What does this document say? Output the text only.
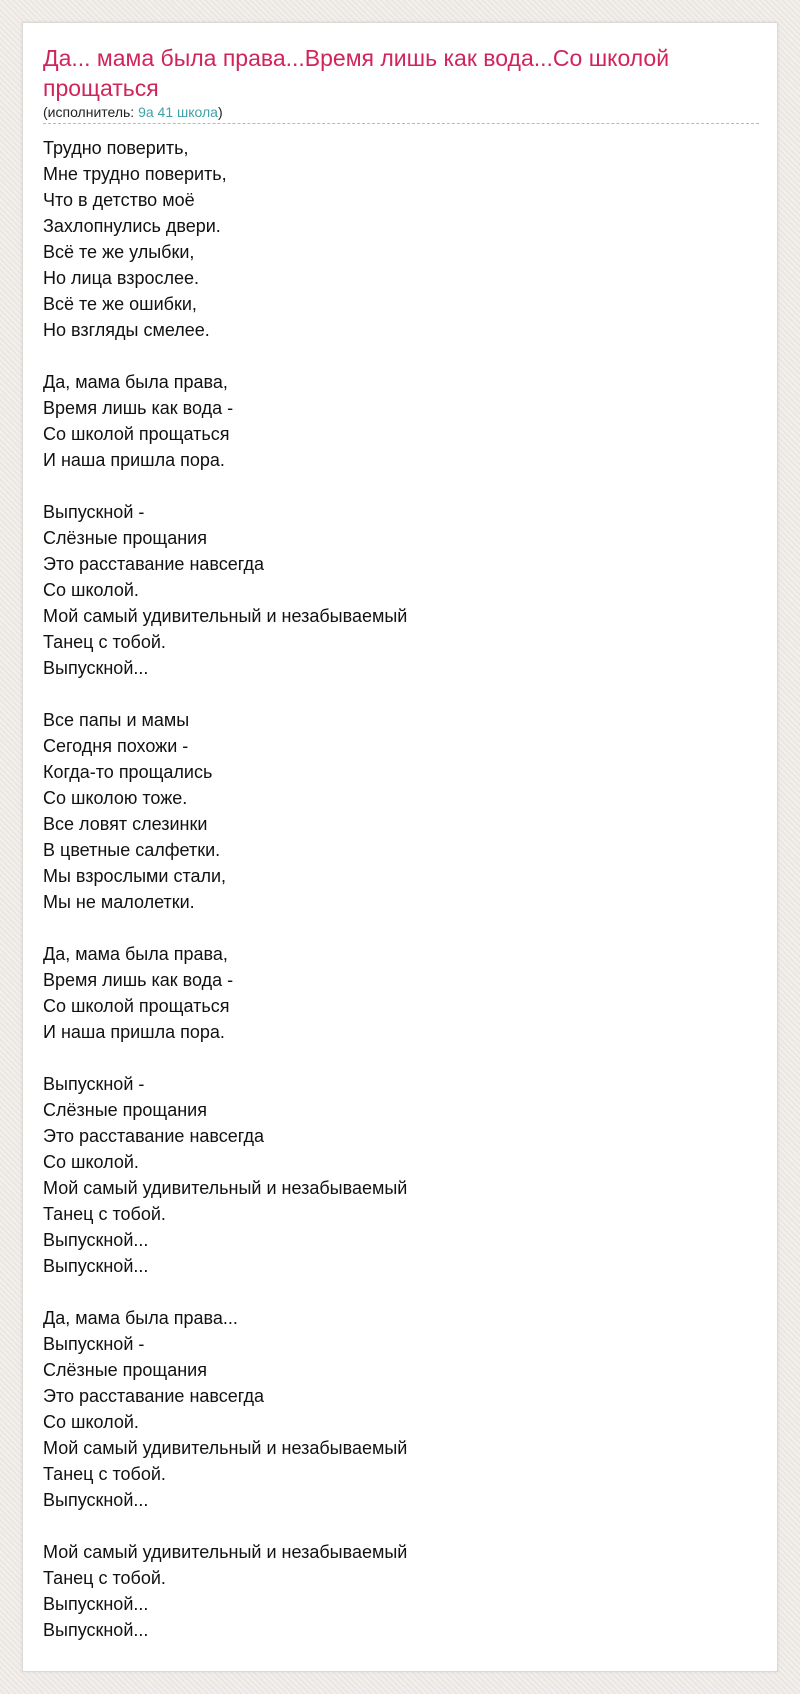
Да... мама была права...Время лишь как вода...Со школой прощаться
(исполнитель: 9а 41 школа)
Трудно поверить,
Мне трудно поверить,
Что в детство моё
Захлопнулись двери.
Всё те же улыбки,
Но лица взрослее.
Всё те же ошибки,
Но взгляды смелее.
Да, мама была права,
Время лишь как вода -
Со школой прощаться
И наша пришла пора.
Выпускной -
Слёзные прощания
Это расставание навсегда
Со школой.
Мой самый удивительный и незабываемый
Танец с тобой.
Выпускной...
Все папы и мамы
Сегодня похожи -
Когда-то прощались
Со школою тоже.
Все ловят слезинки
В цветные салфетки.
Мы взрослыми стали,
Мы не малолетки.
Да, мама была права,
Время лишь как вода -
Со школой прощаться
И наша пришла пора.
Выпускной -
Слёзные прощания
Это расставание навсегда
Со школой.
Мой самый удивительный и незабываемый
Танец с тобой.
Выпускной...
Выпускной...
Да, мама была права...
Выпускной -
Слёзные прощания
Это расставание навсегда
Со школой.
Мой самый удивительный и незабываемый
Танец с тобой.
Выпускной...
Мой самый удивительный и незабываемый
Танец с тобой.
Выпускной...
Выпускной...
